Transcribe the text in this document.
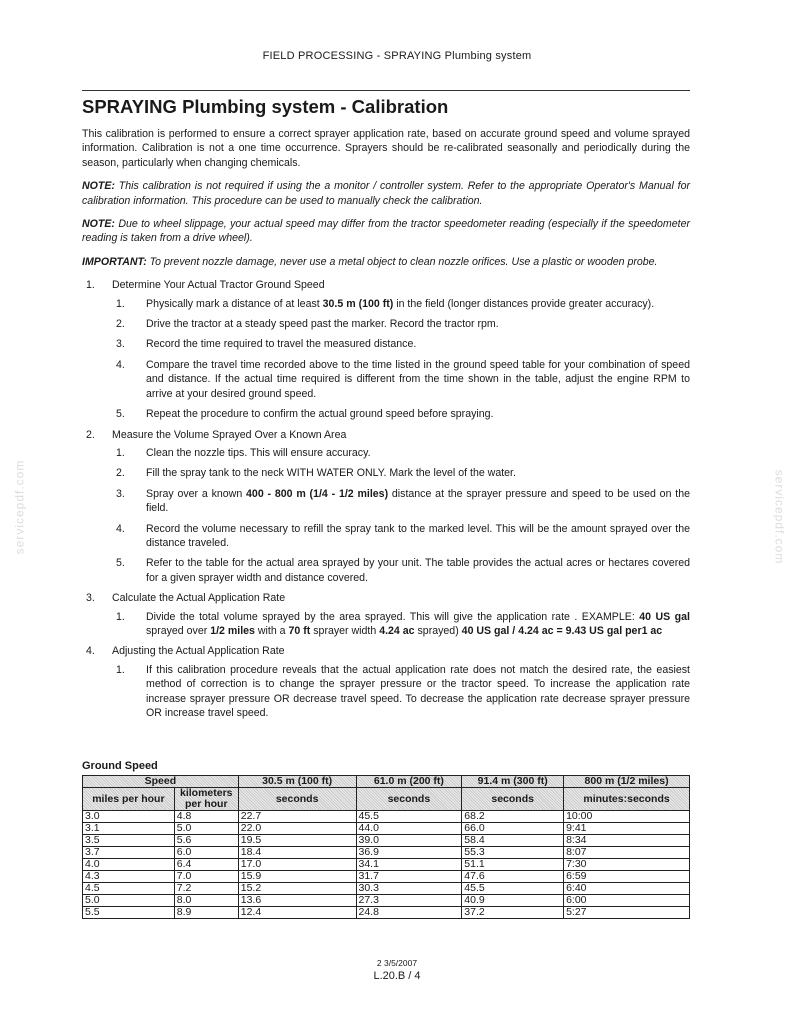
FIELD PROCESSING - SPRAYING Plumbing system
SPRAYING Plumbing system - Calibration

This calibration is performed to ensure a correct sprayer application rate, based on accurate ground speed and volume sprayed information. Calibration is not a one time occurrence. Sprayers should be re-calibrated seasonally and periodically during the season, particularly when changing chemicals.

NOTE: This calibration is not required if using the a monitor / controller system. Refer to the appropriate Operator's Manual for calibration information. This procedure can be used to manually check the calibration.

NOTE: Due to wheel slippage, your actual speed may differ from the tractor speedometer reading (especially if the speedometer reading is taken from a drive wheel).

IMPORTANT: To prevent nozzle damage, never use a metal object to clean nozzle orifices. Use a plastic or wooden probe.

1. Determine Your Actual Tractor Ground Speed
1. Physically mark a distance of at least 30.5 m (100 ft) in the field (longer distances provide greater accuracy).
2. Drive the tractor at a steady speed past the marker. Record the tractor rpm.
3. Record the time required to travel the measured distance.
4. Compare the travel time recorded above to the time listed in the ground speed table for your combination of speed and distance. If the actual time required is different from the time shown in the table, adjust the engine RPM to arrive at your desired ground speed.
5. Repeat the procedure to confirm the actual ground speed before spraying.
2. Measure the Volume Sprayed Over a Known Area
1. Clean the nozzle tips. This will ensure accuracy.
2. Fill the spray tank to the neck WITH WATER ONLY. Mark the level of the water.
3. Spray over a known 400 - 800 m (1/4 - 1/2 miles) distance at the sprayer pressure and speed to be used on the field.
4. Record the volume necessary to refill the spray tank to the marked level. This will be the amount sprayed over the distance traveled.
5. Refer to the table for the actual area sprayed by your unit. The table provides the actual acres or hectares covered for a given sprayer width and distance covered.
3. Calculate the Actual Application Rate
1. Divide the total volume sprayed by the area sprayed. This will give the application rate . EXAMPLE: 40 US gal sprayed over 1/2 miles with a 70 ft sprayer width 4.24 ac sprayed) 40 US gal / 4.24 ac = 9.43 US gal per1 ac
4. Adjusting the Actual Application Rate
1. If this calibration procedure reveals that the actual application rate does not match the desired rate, the easiest method of correction is to change the sprayer pressure or the tractor speed. To increase the application rate increase sprayer pressure OR decrease travel speed. To decrease the application rate decrease sprayer pressure OR increase travel speed.
Ground Speed
Speed		30.5 m (100 ft)	61.0 m (200 ft)	91.4 m (300 ft)	800 m (1/2 miles)
miles per hour	kilometers per hour	seconds	seconds	seconds	minutes:seconds
3.0	4.8	22.7	45.5	68.2	10:00
3.1	5.0	22.0	44.0	66.0	9:41
3.5	5.6	19.5	39.0	58.4	8:34
3.7	6.0	18.4	36.9	55.3	8:07
4.0	6.4	17.0	34.1	51.1	7:30
4.3	7.0	15.9	31.7	47.6	6:59
4.5	7.2	15.2	30.3	45.5	6:40
5.0	8.0	13.6	27.3	40.9	6:00
5.5	8.9	12.4	24.8	37.2	5:27
2 3/5/2007
L.20.B / 4
servicepdf.com	servicepdf.com
